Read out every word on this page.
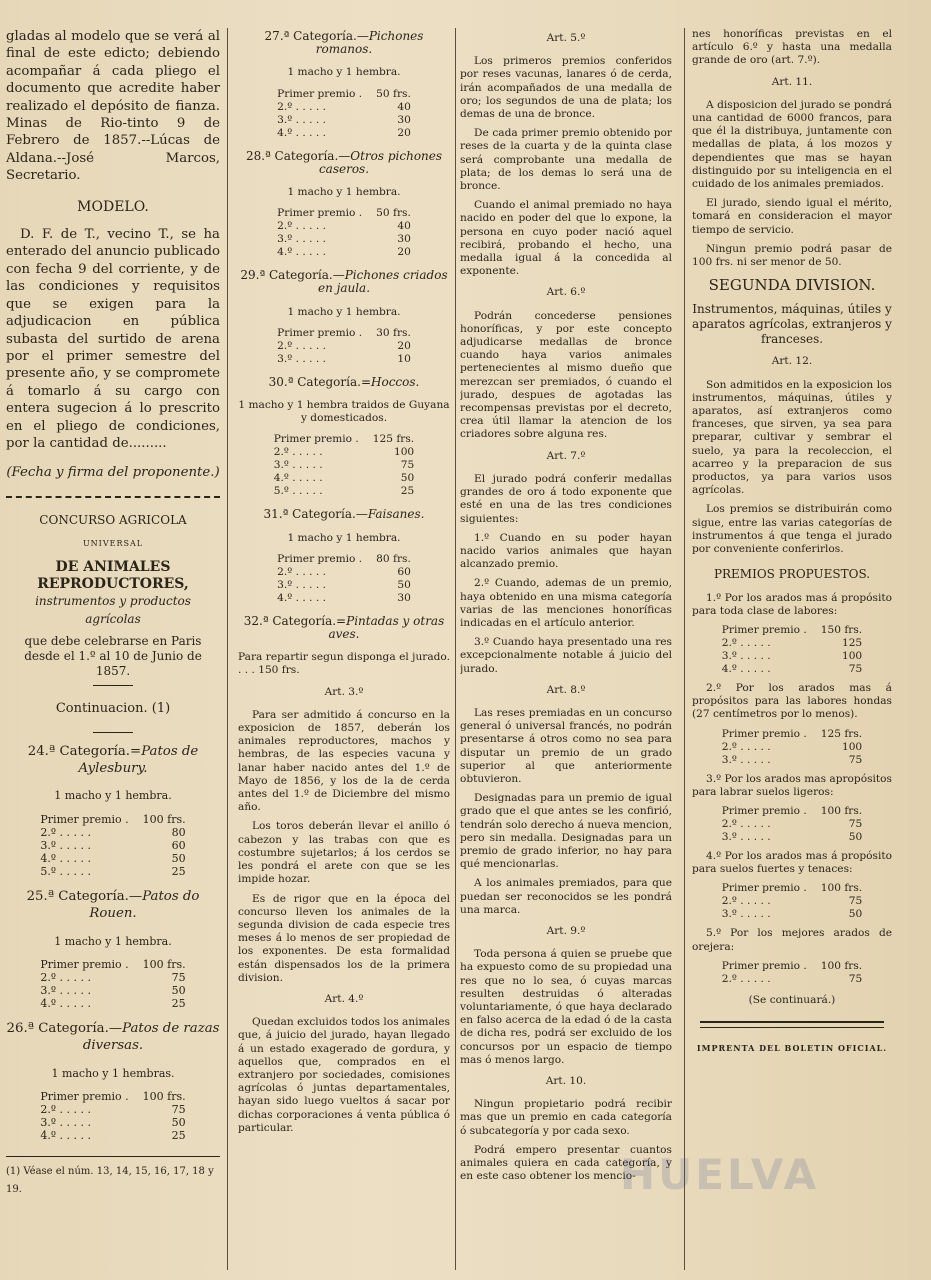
gladas al modelo que se verá al final de este edicto; debiendo acompañar á cada pliego el documento que acredite haber realizado el depósito de fianza. Minas de Rio-tinto 9 de Febrero de 1857.--Lúcas de Aldana.--José Marcos, Secretario.

MODELO.

D. F. de T., vecino T., se ha enterado del anuncio publicado con fecha 9 del corriente, y de las condiciones y requisitos que se exigen para la adjudicacion en pública subasta del surtido de arena por el primer semestre del presente año, y se compromete á tomarlo á su cargo con entera sugecion á lo prescrito en el pliego de condiciones, por la cantidad de.........

(Fecha y firma del proponente.)

CONCURSO AGRICOLA
UNIVERSAL
DE ANIMALES REPRODUCTORES,
instrumentos y productos agrícolas
que debe celebrarse en Paris desde el 1.º al 10 de Junio de 1857.
Continuacion. (1)
24.ª Categoría.=Patos de Aylesbury.
1 macho y 1 hembra.
Primer premio .	100 frs.
2.º . . . . .	80
3.º . . . . .	60
4.º . . . . .	50
5.º . . . . .	25
25.ª Categoría.—Patos do Rouen.
1 macho y 1 hembra.
Primer premio .	100 frs.
2.º . . . . .	75
3.º . . . . .	50
4.º . . . . .	25
26.ª Categoría.—Patos de razas diversas.
1 macho y 1 hembras.
Primer premio .	100 frs.
2.º . . . . .	75
3.º . . . . .	50
4.º . . . . .	25
(1) Véase el núm. 13, 14, 15, 16, 17, 18 y 19.
27.ª Categoría.—Pichones romanos.
1 macho y 1 hembra.
Primer premio .	50 frs.
2.º . . . . .	40
3.º . . . . .	30
4.º . . . . .	20
28.ª Categoría.—Otros pichones caseros.
1 macho y 1 hembra.
Primer premio .	50 frs.
2.º . . . . .	40
3.º . . . . .	30
4.º . . . . .	20
29.ª Categoría.—Pichones criados en jaula.
1 macho y 1 hembra.
Primer premio .	30 frs.
2.º . . . . .	20
3.º . . . . .	10
30.ª Categoría.=Hoccos.
1 macho y 1 hembra traidos de Guyana y domesticados.
Primer premio .	125 frs.
2.º . . . . .	100
3.º . . . . .	75
4.º . . . . .	50
5.º . . . . .	25
31.ª Categoría.—Faisanes.
1 macho y 1 hembra.
Primer premio .	80 frs.
2.º . . . . .	60
3.º . . . . .	50
4.º . . . . .	30
32.ª Categoría.=Pintadas y otras aves.

Para repartir segun disponga el jurado. . . . 150 frs.

Art. 3.º

Para ser admitido á concurso en la exposicion de 1857, deberán los animales reproductores, machos y hembras, de las especies vacuna y lanar haber nacido antes del 1.º de Mayo de 1856, y los de la de cerda antes del 1.º de Diciembre del mismo año.

Los toros deberán llevar el anillo ó cabezon y las trabas con que es costumbre sujetarlos; á los cerdos se les pondrá el arete con que se les impide hozar.

Es de rigor que en la época del concurso lleven los animales de la segunda division de cada especie tres meses á lo menos de ser propiedad de los exponentes. De esta formalidad están dispensados los de la primera division.

Art. 4.º

Quedan excluidos todos los animales que, á juicio del jurado, hayan llegado á un estado exagerado de gordura, y aquellos que, comprados en el extranjero por sociedades, comisiones agrícolas ó juntas departamentales, hayan sido luego vueltos á sacar por dichas corporaciones á venta pública ó particular.

Art. 5.º

Los primeros premios conferidos por reses vacunas, lanares ó de cerda, irán acompañados de una medalla de oro; los segundos de una de plata; los demas de una de bronce.

De cada primer premio obtenido por reses de la cuarta y de la quinta clase será comprobante una medalla de plata; de los demas lo será una de bronce.

Cuando el animal premiado no haya nacido en poder del que lo expone, la persona en cuyo poder nació aquel recibirá, probando el hecho, una medalla igual á la concedida al exponente.

Art. 6.º

Podrán concederse pensiones honoríficas, y por este concepto adjudicarse medallas de bronce cuando haya varios animales pertenecientes al mismo dueño que merezcan ser premiados, ó cuando el jurado, despues de agotadas las recompensas previstas por el decreto, crea útil llamar la atencion de los criadores sobre alguna res.

Art. 7.º

El jurado podrá conferir medallas grandes de oro á todo exponente que esté en una de las tres condiciones siguientes:

1.º Cuando en su poder hayan nacido varios animales que hayan alcanzado premio.

2.º Cuando, ademas de un premio, haya obtenido en una misma categoría varias de las menciones honoríficas indicadas en el artículo anterior.

3.º Cuando haya presentado una res excepcionalmente notable á juicio del jurado.

Art. 8.º

Las reses premiadas en un concurso general ó universal francés, no podrán presentarse á otros como no sea para disputar un premio de un grado superior al que anteriormente obtuvieron.

Designadas para un premio de igual grado que el que antes se les confirió, tendrán solo derecho á nueva mencion, pero sin medalla. Designadas para un premio de grado inferior, no hay para qué mencionarlas.

A los animales premiados, para que puedan ser reconocidos se les pondrá una marca.

Art. 9.º

Toda persona á quien se pruebe que ha expuesto como de su propiedad una res que no lo sea, ó cuyas marcas resulten destruidas ó alteradas voluntariamente, ó que haya declarado en falso acerca de la edad ó de la casta de dicha res, podrá ser excluido de los concursos por un espacio de tiempo mas ó menos largo.

Art. 10.

Ningun propietario podrá recibir mas que un premio en cada categoría ó subcategoría y por cada sexo.

Podrá empero presentar cuantos animales quiera en cada categoría, y en este caso obtener los mencio-

nes honoríficas previstas en el artículo 6.º y hasta una medalla grande de oro (art. 7.º).

Art. 11.

A disposicion del jurado se pondrá una cantidad de 6000 francos, para que él la distribuya, juntamente con medallas de plata, á los mozos y dependientes que mas se hayan distinguido por su inteligencia en el cuidado de los animales premiados.

El jurado, siendo igual el mérito, tomará en consideracion el mayor tiempo de servicio.

Ningun premio podrá pasar de 100 frs. ni ser menor de 50.

SEGUNDA DIVISION.
Instrumentos, máquinas, útiles y aparatos agrícolas, extranjeros y franceses.
Art. 12.

Son admitidos en la exposicion los instrumentos, máquinas, útiles y aparatos, así extranjeros como franceses, que sirven, ya sea para preparar, cultivar y sembrar el suelo, ya para la recoleccion, el acarreo y la preparacion de sus productos, ya para varios usos agrícolas.

Los premios se distribuirán como sigue, entre las varias categorías de instrumentos á que tenga el jurado por conveniente conferirlos.

PREMIOS PROPUESTOS.

1.º Por los arados mas á propósito para toda clase de labores:

Primer premio .	150 frs.
2.º . . . . .	125
3.º . . . . .	100
4.º . . . . .	75

2.º Por los arados mas á propósitos para las labores hondas (27 centímetros por lo menos).

Primer premio .	125 frs.
2.º . . . . .	100
3.º . . . . .	75

3.º Por los arados mas apropósitos para labrar suelos ligeros:

Primer premio .	100 frs.
2.º . . . . .	75
3.º . . . . .	50

4.º Por los arados mas á propósito para suelos fuertes y tenaces:

Primer premio .	100 frs.
2.º . . . . .	75
3.º . . . . .	50

5.º Por los mejores arados de orejera:

Primer premio .	100 frs.
2.º . . . . .	75
(Se continuará.)
IMPRENTA DEL BOLETIN OFICIAL.
HUELVA
